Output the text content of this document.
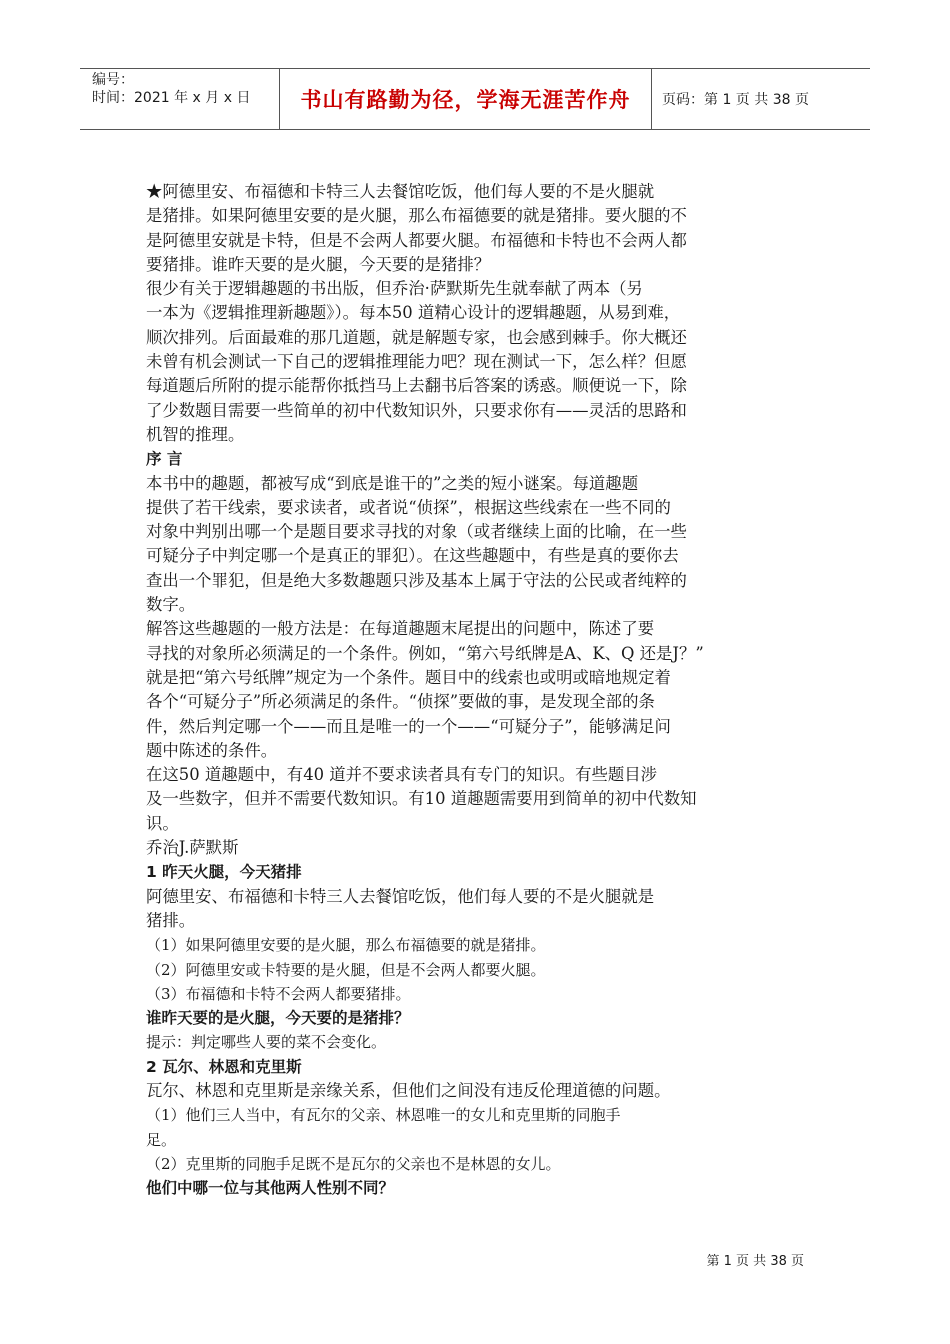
编号：
时间：2021 年 x 月 x 日	书山有路勤为径，学海无涯苦作舟	页码：第 1 页 共 38 页
★阿德里安、布福德和卡特三人去餐馆吃饭，他们每人要的不是火腿就
是猪排。如果阿德里安要的是火腿，那么布福德要的就是猪排。要火腿的不
是阿德里安就是卡特，但是不会两人都要火腿。布福德和卡特也不会两人都
要猪排。谁昨天要的是火腿，今天要的是猪排？
很少有关于逻辑趣题的书出版，但乔治·萨默斯先生就奉献了两本（另
一本为《逻辑推理新趣题》）。每本50 道精心设计的逻辑趣题，从易到难，
顺次排列。后面最难的那几道题，就是解题专家，也会感到棘手。你大概还
未曾有机会测试一下自己的逻辑推理能力吧？现在测试一下，怎么样？但愿
每道题后所附的提示能帮你抵挡马上去翻书后答案的诱惑。顺便说一下，除
了少数题目需要一些简单的初中代数知识外，只要求你有——灵活的思路和
机智的推理。
序 言
本书中的趣题，都被写成“到底是谁干的”之类的短小谜案。每道趣题
提供了若干线索，要求读者，或者说“侦探”，根据这些线索在一些不同的
对象中判别出哪一个是题目要求寻找的对象（或者继续上面的比喻，在一些
可疑分子中判定哪一个是真正的罪犯）。在这些趣题中，有些是真的要你去
查出一个罪犯，但是绝大多数趣题只涉及基本上属于守法的公民或者纯粹的
数字。
解答这些趣题的一般方法是：在每道趣题末尾提出的问题中，陈述了要
寻找的对象所必须满足的一个条件。例如，“第六号纸牌是A、K、Q 还是J？”
就是把“第六号纸牌”规定为一个条件。题目中的线索也或明或暗地规定着
各个“可疑分子”所必须满足的条件。“侦探”要做的事，是发现全部的条
件，然后判定哪一个——而且是唯一的一个——“可疑分子”，能够满足问
题中陈述的条件。
在这50 道趣题中，有40 道并不要求读者具有专门的知识。有些题目涉
及一些数字，但并不需要代数知识。有10 道趣题需要用到简单的初中代数知
识。
乔治J.萨默斯
1 昨天火腿，今天猪排
阿德里安、布福德和卡特三人去餐馆吃饭，他们每人要的不是火腿就是
猪排。
（1）如果阿德里安要的是火腿，那么布福德要的就是猪排。
（2）阿德里安或卡特要的是火腿，但是不会两人都要火腿。
（3）布福德和卡特不会两人都要猪排。
谁昨天要的是火腿，今天要的是猪排？
提示：判定哪些人要的菜不会变化。
2 瓦尔、林恩和克里斯
瓦尔、林恩和克里斯是亲缘关系，但他们之间没有违反伦理道德的问题。
（1）他们三人当中，有瓦尔的父亲、林恩唯一的女儿和克里斯的同胞手
足。
（2）克里斯的同胞手足既不是瓦尔的父亲也不是林恩的女儿。
他们中哪一位与其他两人性别不同？
第 1 页 共 38 页
